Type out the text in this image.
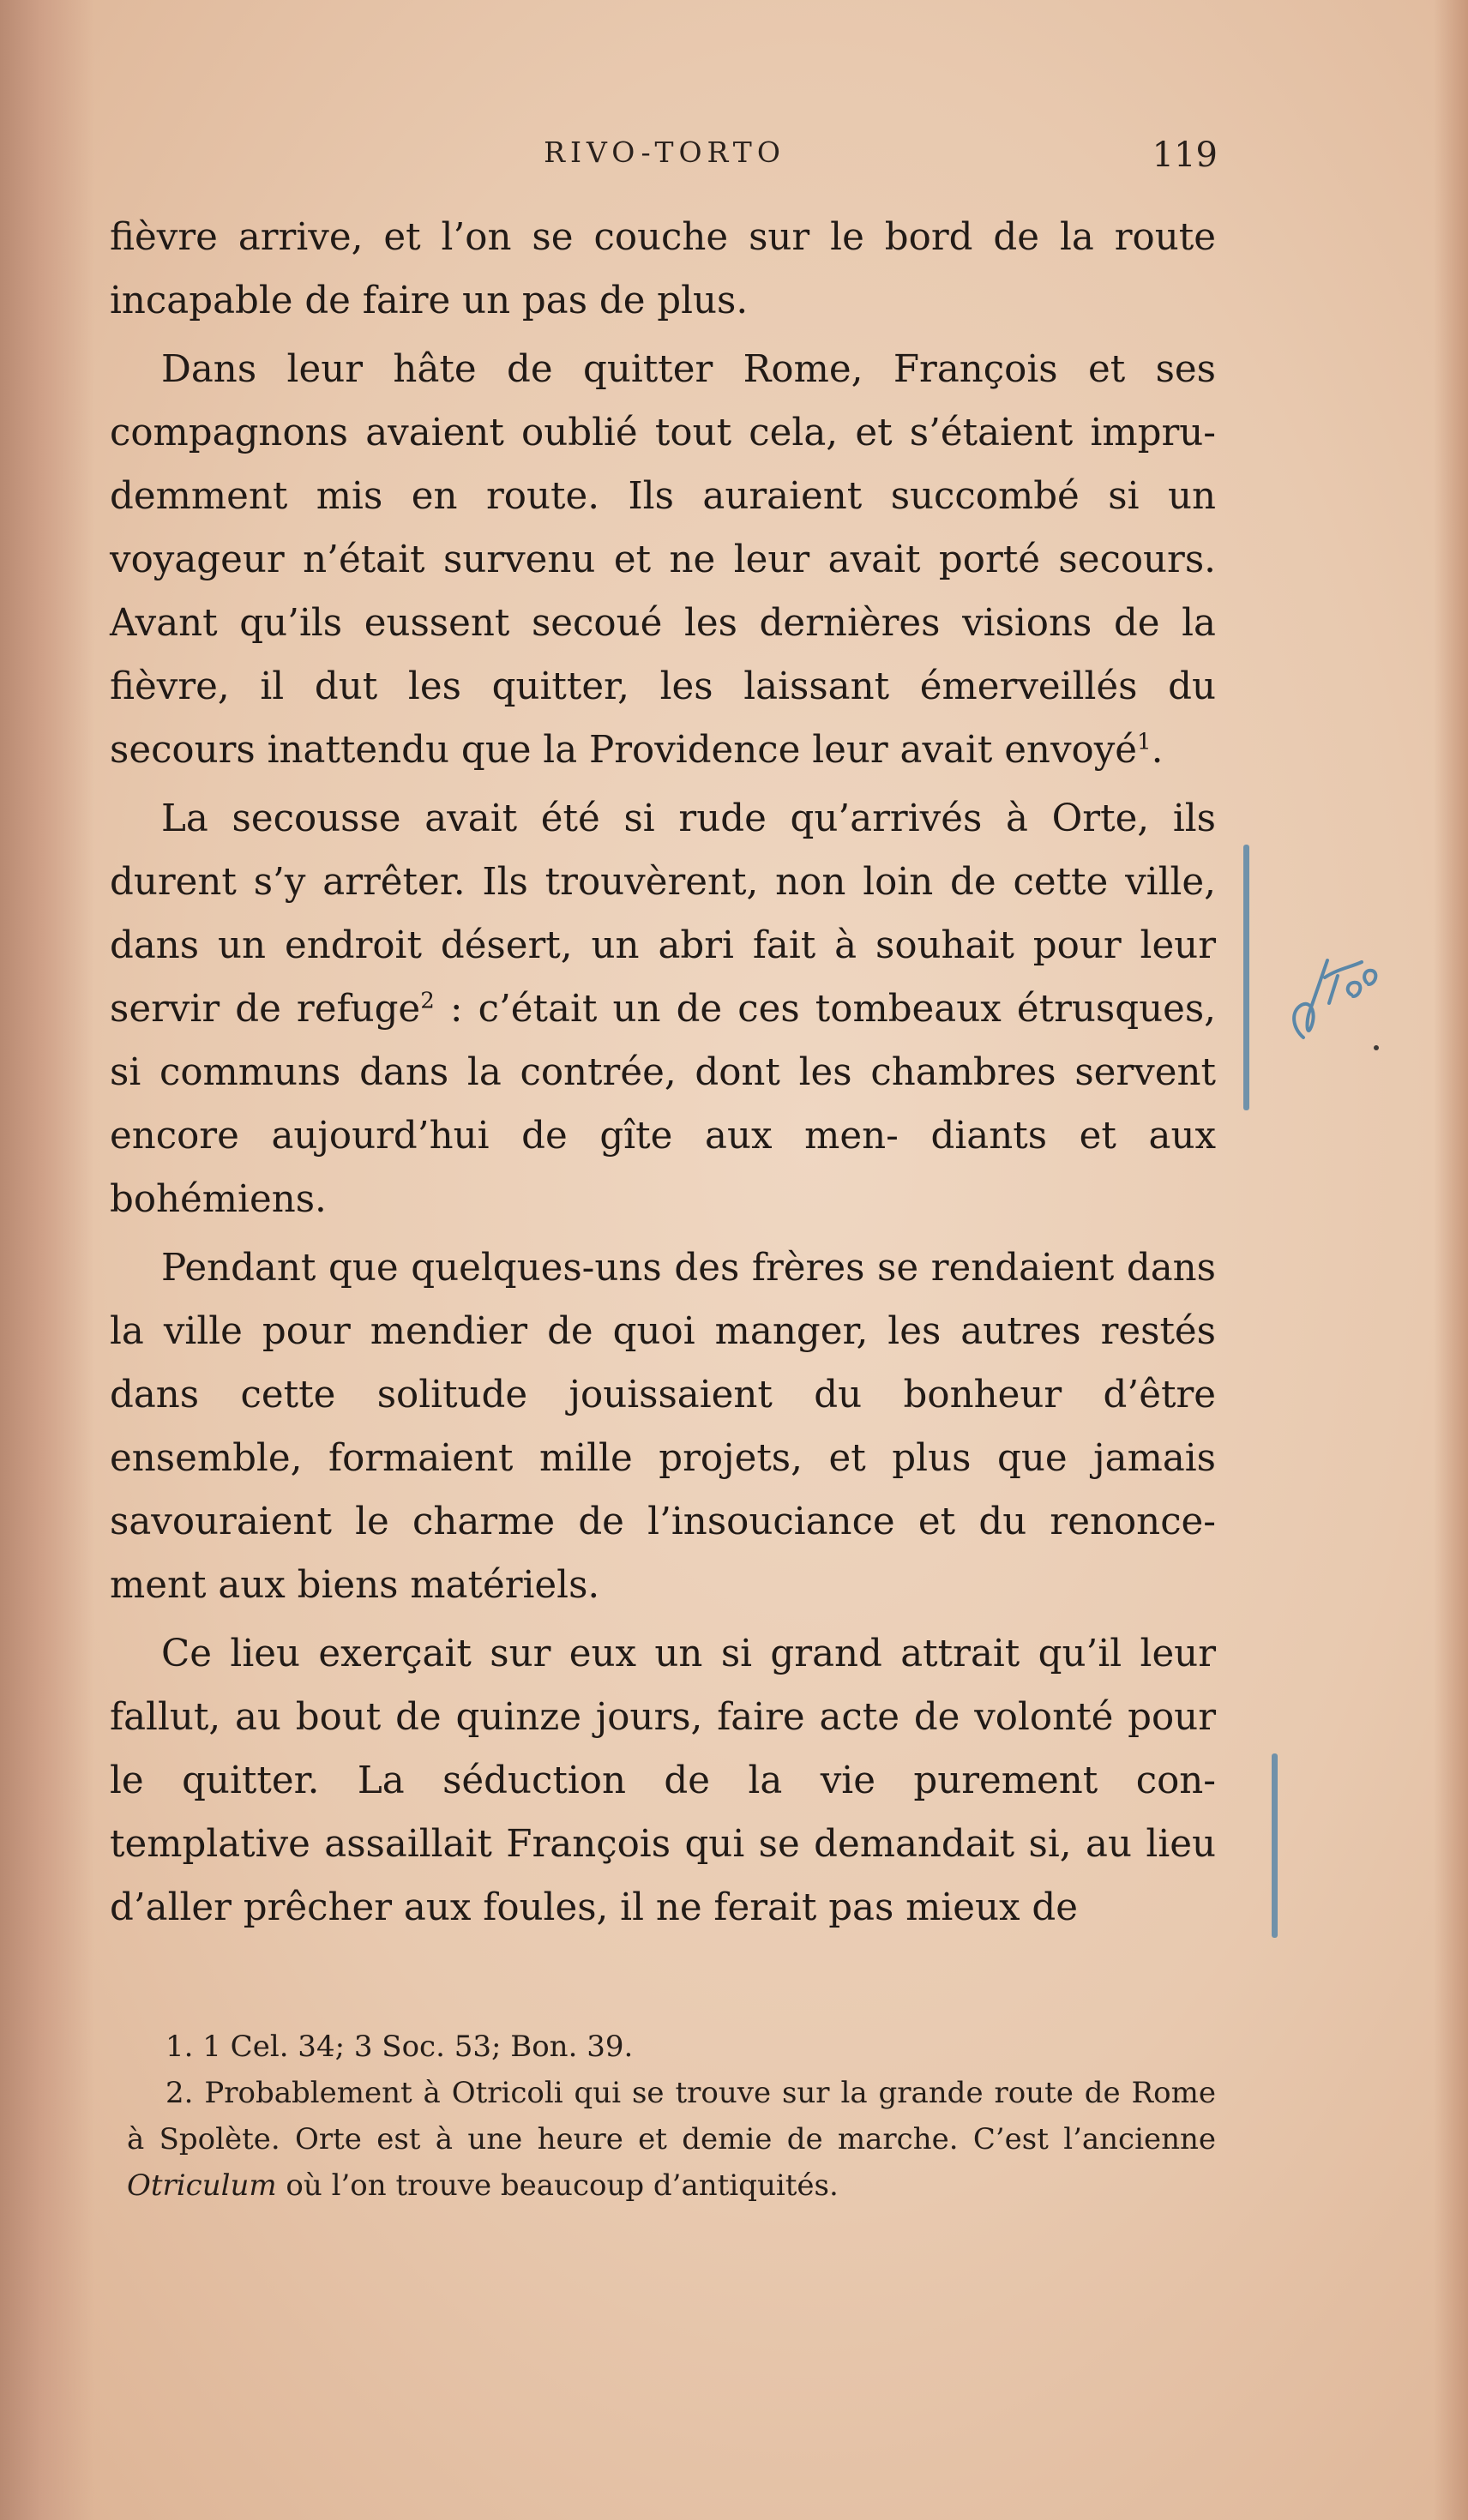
RIVO-TORTO	119

fièvre arrive, et l’on se couche sur le bord de la route incapable de faire un pas de plus.

Dans leur hâte de quitter Rome, François et ses compagnons avaient oublié tout cela, et s’étaient impru- demment mis en route. Ils auraient succombé si un voyageur n’était survenu et ne leur avait porté secours. Avant qu’ils eussent secoué les dernières visions de la fièvre, il dut les quitter, les laissant émerveillés du secours inattendu que la Providence leur avait envoyé$^1$.

La secousse avait été si rude qu’arrivés à Orte, ils durent s’y arrêter. Ils trouvèrent, non loin de cette ville, dans un endroit désert, un abri fait à souhait pour leur servir de refuge$^2$ : c’était un de ces tombeaux étrusques, si communs dans la contrée, dont les chambres servent encore aujourd’hui de gîte aux men- diants et aux bohémiens.

Pendant que quelques-uns des frères se rendaient dans la ville pour mendier de quoi manger, les autres restés dans cette solitude jouissaient du bonheur d’être ensemble, formaient mille projets, et plus que jamais savouraient le charme de l’insouciance et du renonce- ment aux biens matériels.

Ce lieu exerçait sur eux un si grand attrait qu’il leur fallut, au bout de quinze jours, faire acte de volonté pour le quitter. La séduction de la vie purement con- templative assaillait François qui se demandait si, au lieu d’aller prêcher aux foules, il ne ferait pas mieux de

1. 1 Cel. 34; 3 Soc. 53; Bon. 39.

2. Probablement à Otricoli qui se trouve sur la grande route de Rome à Spolète. Orte est à une heure et demie de marche. C’est l’ancienne Otriculum où l’on trouve beaucoup d’antiquités.
